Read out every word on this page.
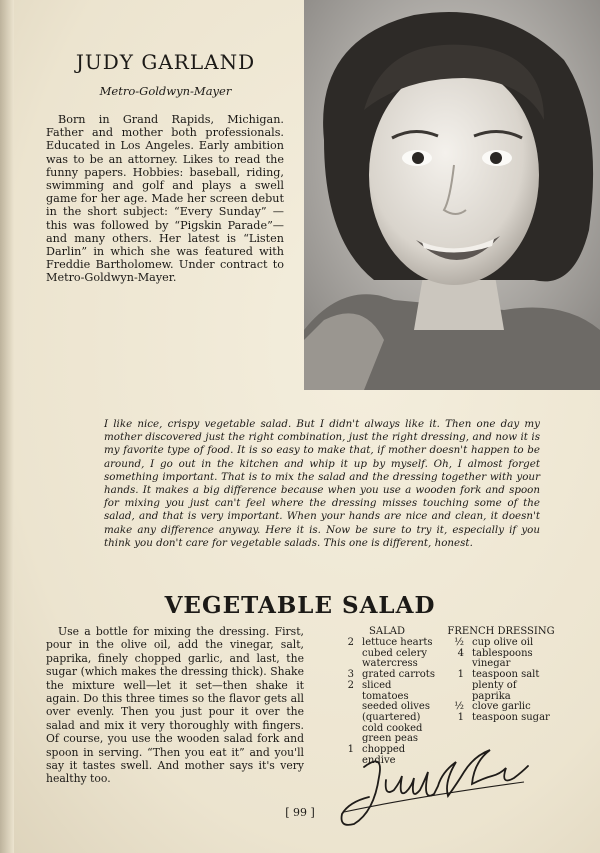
JUDY GARLAND
Metro-Goldwyn-Mayer

Born in Grand Rapids, Michigan. Father and mother both professionals. Educated in Los Angeles. Early ambition was to be an attorney. Likes to read the funny papers. Hobbies: baseball, riding, swimming and golf and plays a swell game for her age. Made her screen debut in the short subject: “Every Sunday” —this was followed by “Pigskin Parade”—and many others. Her latest is “Listen Darlin” in which she was featured with Freddie Bartholomew. Under contract to Metro-Goldwyn-Mayer.

I like nice, crispy vegetable salad. But I didn't always like it. Then one day my mother discovered just the right combination, just the right dressing, and now it is my favorite type of food. It is so easy to make that, if mother doesn't happen to be around, I go out in the kitchen and whip it up by myself. Oh, I almost forget something important. That is to mix the salad and the dressing together with your hands. It makes a big difference because when you use a wooden fork and spoon for mixing you just can't feel where the dressing misses touching some of the salad, and that is very important. When your hands are nice and clean, it doesn't make any difference anyway. Here it is. Now be sure to try it, especially if you think you don't care for vegetable salads. This one is different, honest.

VEGETABLE SALAD

Use a bottle for mixing the dressing. First, pour in the olive oil, add the vinegar, salt, paprika, finely chopped garlic, and last, the sugar (which makes the dressing thick). Shake the mixture well—let it set—then shake it again. Do this three times so the flavor gets all over evenly. Then you just pour it over the salad and mix it very thoroughly with fingers. Of course, you use the wooden salad fork and spoon in serving. “Then you eat it” and you'll say it tastes swell. And mother says it's very healthy too.

SALAD
2 lettuce hearts
cubed celery
watercress
3 grated carrots
2 sliced tomatoes
seeded olives
(quartered)
cold cooked
green peas
1 chopped endive
FRENCH DRESSING
½ cup olive oil
4 tablespoons
vinegar
1 teaspoon salt
plenty of
paprika
½ clove garlic
1 teaspoon sugar
[ 99 ]
